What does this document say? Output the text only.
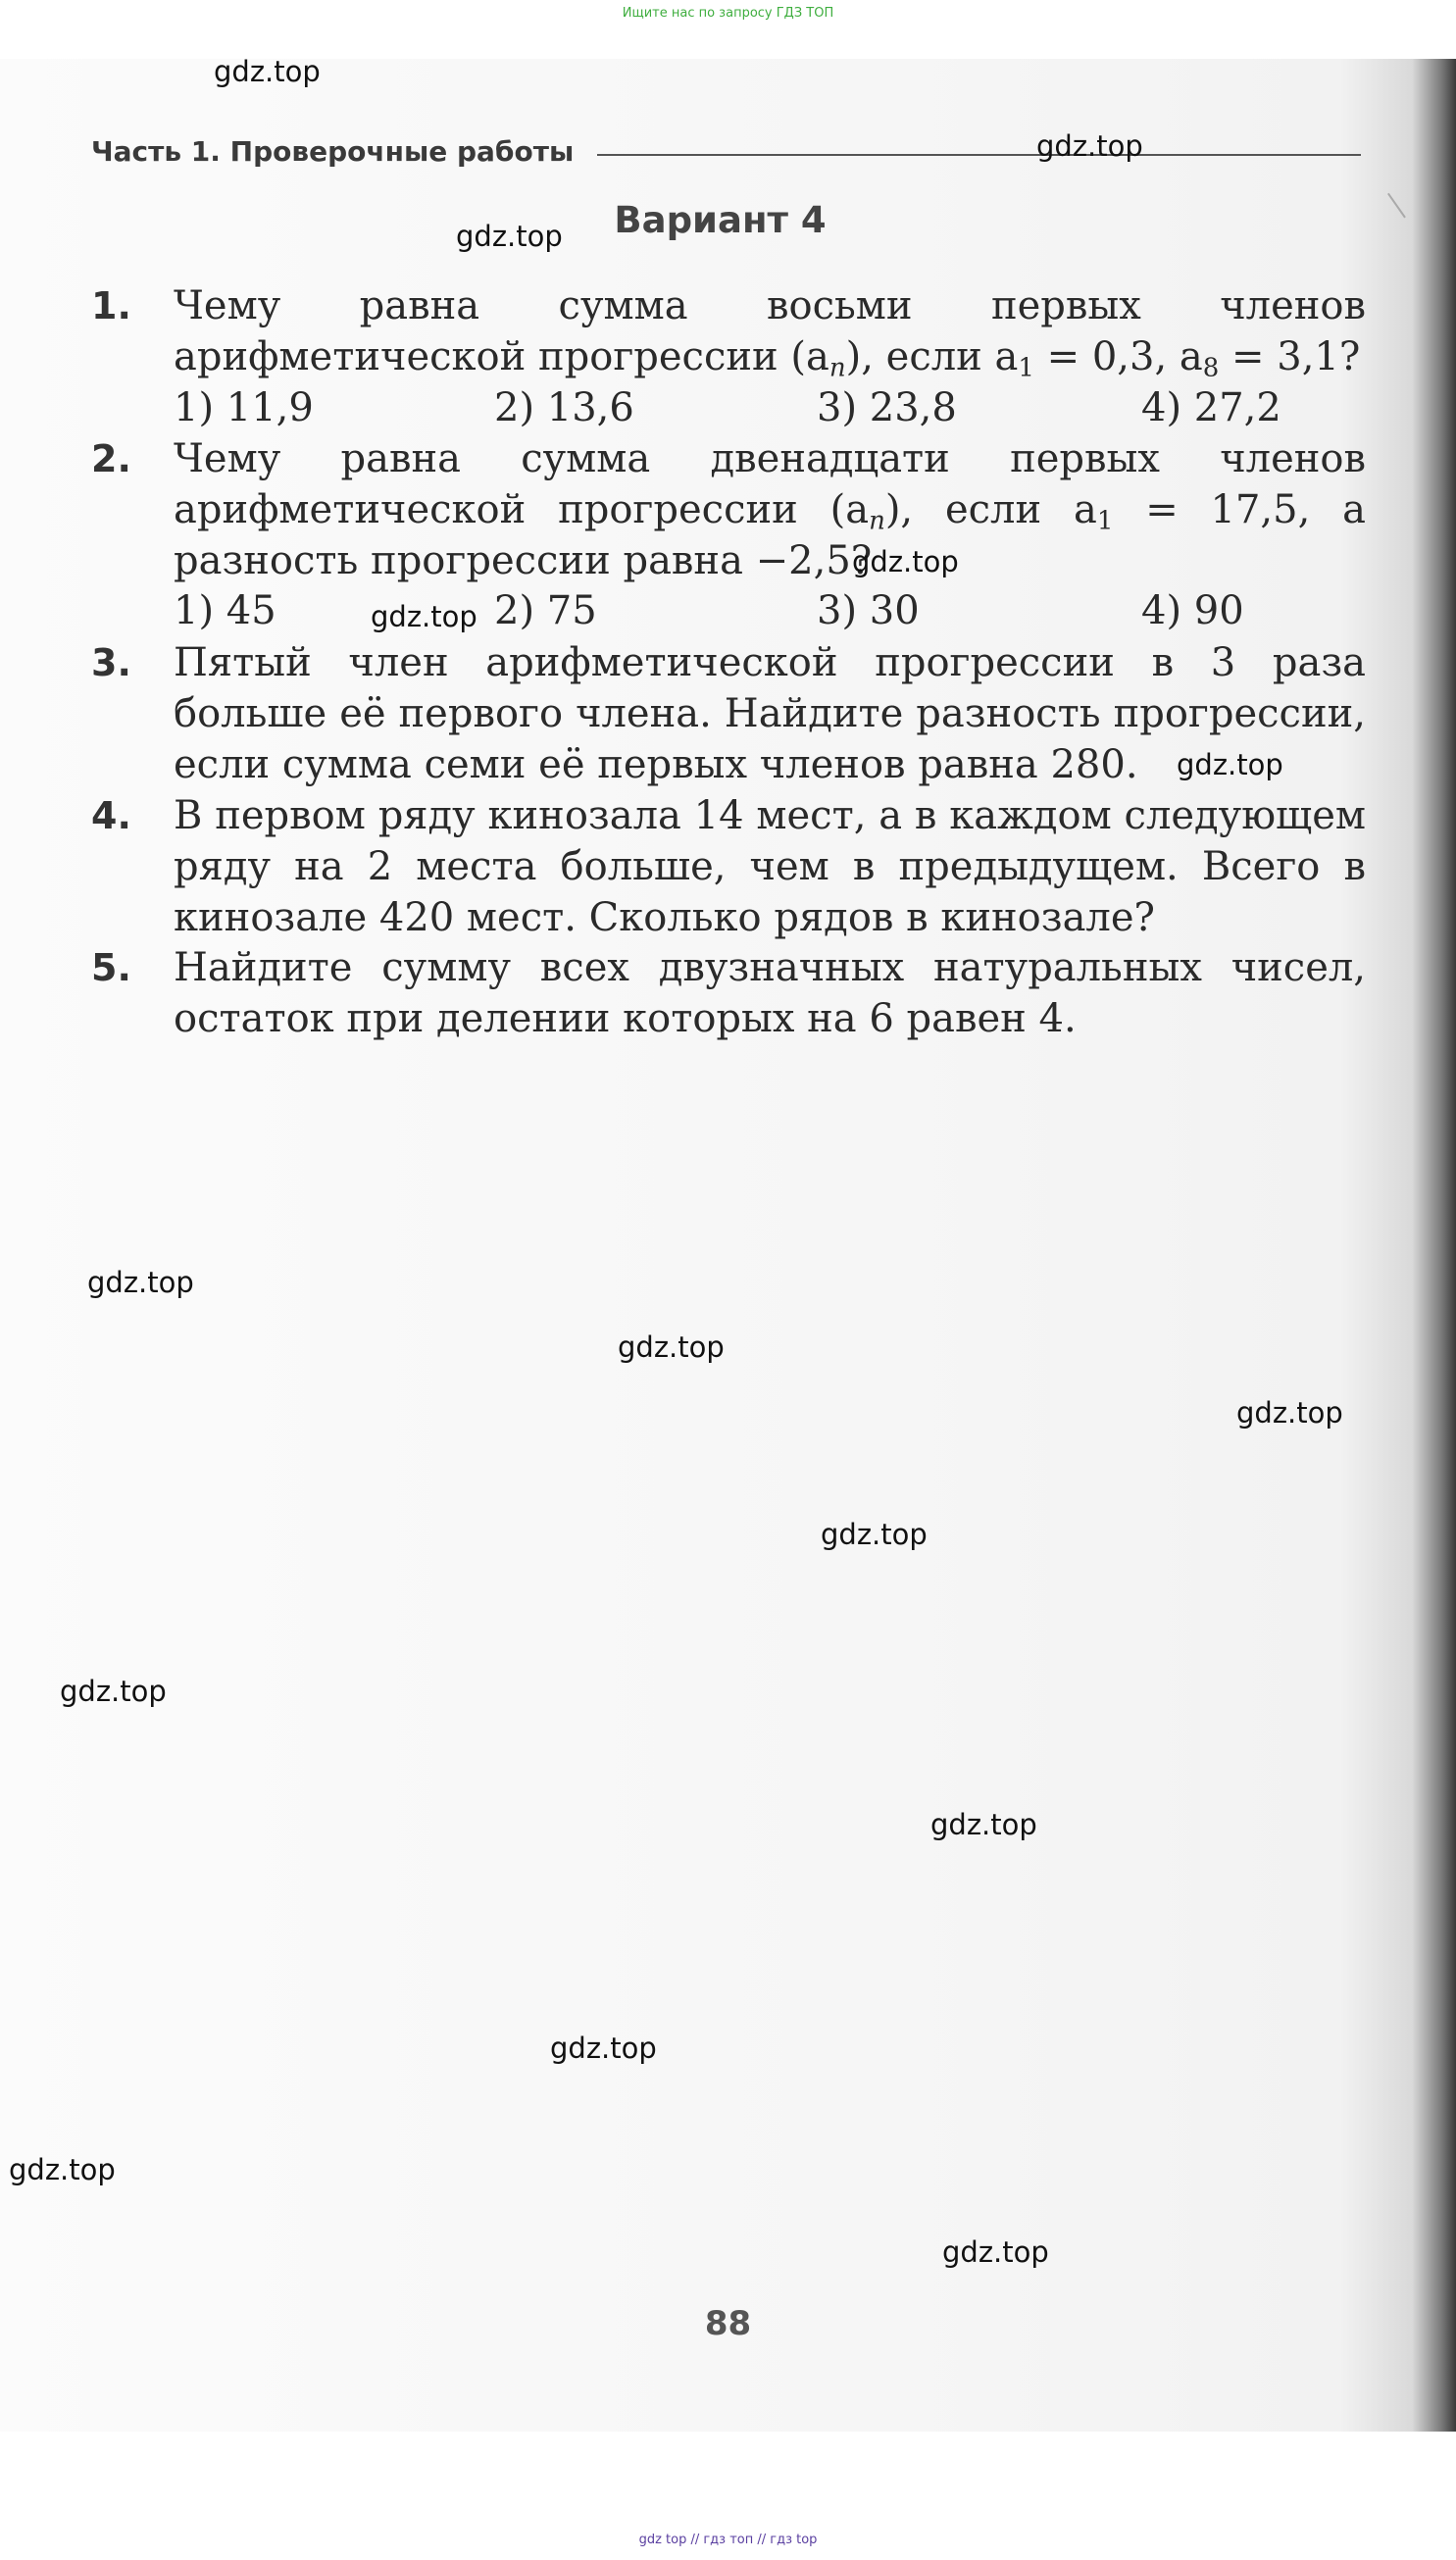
Ищите нас по запросу ГДЗ ТОП
Часть 1. Проверочные работы
Вариант 4
1. Чему равна сумма восьми первых членов арифметической прогрессии $(a_n)$, если $a_1 = 0,3$, $a_8 = 3,1$?
1) 11,9	2) 13,6	3) 23,8	4) 27,2
2. Чему равна сумма двенадцати первых членов арифметической прогрессии $(a_n)$, если $a_1 = 17,5$, а разность прогрессии равна −2,5?
1) 45	2) 75	3) 30	4) 90
3. Пятый член арифметической прогрессии в 3 раза больше её первого члена. Найдите разность прогрессии, если сумма семи её первых членов равна 280.
4. В первом ряду кинозала 14 мест, а в каждом следующем ряду на 2 места больше, чем в предыдущем. Всего в кинозале 420 мест. Сколько рядов в кинозале?
5. Найдите сумму всех двузначных натуральных чисел, остаток при делении которых на 6 равен 4.
gdz.top
gdz.top
gdz.top
gdz.top
gdz.top
gdz.top
gdz.top
gdz.top
gdz.top
gdz.top
gdz.top
gdz.top
gdz.top
gdz.top
gdz.top
88
gdz top // гдз топ // гдз top
